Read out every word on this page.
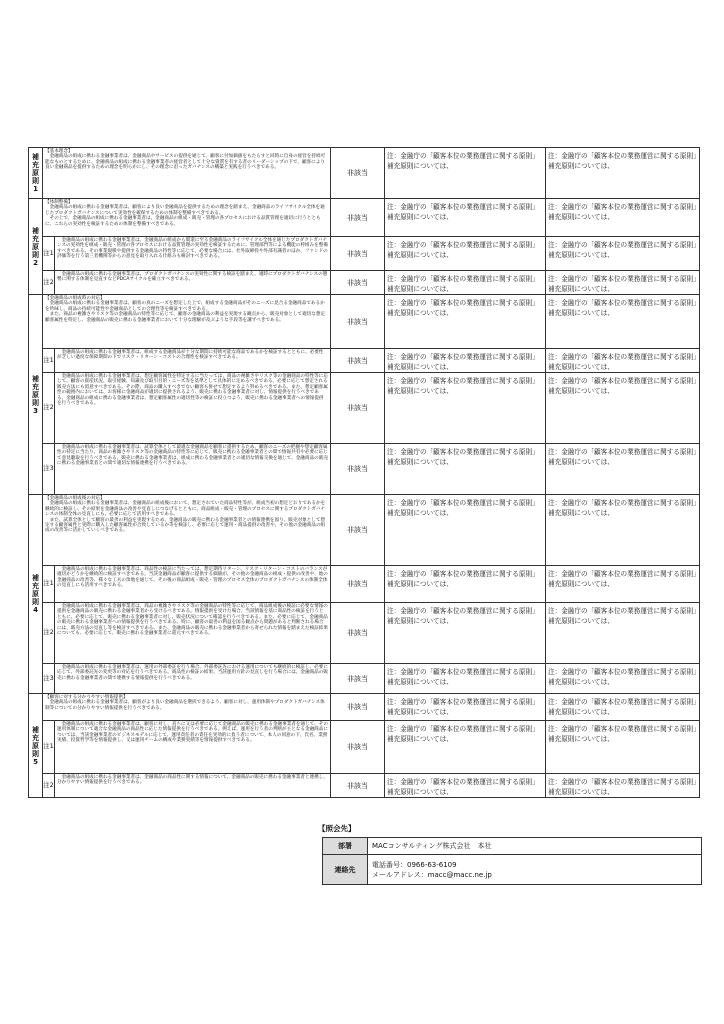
補充原則1	【基本理念】
　金融商品の組成に携わる金融事業者は、金融商品やサービスの提供を通じて、顧客に付加価値をもたらすと同時に自身の経営を持続可能なものとするために、金融商品の組成に携わる金融事業者の経営者として十分な資質を有する者のリーダーシップの下で、顧客により良い金融商品を提供するための理念を明らかにし、その理念に沿ったガバナンスの構築と実践を行うべきである。		非該当	注：金融庁の「顧客本位の業務運営に関する原則」補充原則については、	注：金融庁の「顧客本位の業務運営に関する原則」補充原則については、

補充原則2	【体制整備】
　金融商品の組成に携わる金融事業者は、顧客により良い金融商品を提供するための理念を踏まえ、金融商品のライフサイクル全体を通じたプロダクトガバナンスについて実効性を確保するための体制を整備すべきである。
　その上で、金融商品の組成に携わる金融事業者は、金融商品の組成・販売・管理の各プロセスにおける品質管理を適切に行うとともに、これらの実効性を検証するための体制を整備すべきである。		非該当	注：金融庁の「顧客本位の業務運営に関する原則」補充原則については、	注：金融庁の「顧客本位の業務運営に関する原則」補充原則については、

	注1	　金融商品の組成に携わる金融事業者は、金融商品の組成から償還に至る金融商品のライフサイクル全体を通じたプロダクトガバナンスの実効性を組成・販売・管理の各プロセスにおける品質管理の実効性を検証するために、管理部門等による機能の枠組みを整備すべきである。その事業規模や提供する金融商品の特性等に応じて、必要な場合には、社外取締役や外部有識者のほか、ファンドの評価等を行う第三者機関等からの意見を取り入れる仕組みも検討すべきである。	非該当	注：金融庁の「顧客本位の業務運営に関する原則」補充原則については、	注：金融庁の「顧客本位の業務運営に関する原則」補充原則については、

	注2	　金融商品の組成に携わる金融事業者は、プロダクトガバナンスの実効性に関する検証を踏まえ、適時にプロダクトガバナンスの態勢に関する体制を見直すなどPDCAサイクルを確立すべきである。	非該当	注：金融庁の「顧客本位の業務運営に関する原則」補充原則については、	注：金融庁の「顧客本位の業務運営に関する原則」補充原則については、

補充原則3	【金融商品の組成時の対応】
　金融商品の組成に携わる金融事業者は、顧客の真のニーズを想定した上で、組成する金融商品がそのニーズに見合る金融商品であるかを吟味し、商品の持続可能性や金融商品としての合理性等を検証すべきである。
　また、商品の複雑さやリスク等の金融商品の特性等に応じて、顧客の金融商品の利益を実現する観点から、販売対象として適切な想定顧客属性を特定し、金融商品の販売に携わる金融事業者において十分な理解が及ぶような手段等を講ずべきである。		非該当	注：金融庁の「顧客本位の業務運営に関する原則」補充原則については、	注：金融庁の「顧客本位の業務運営に関する原則」補充原則については、

	注1	　金融商品の組成に携わる金融事業者は、組成する金融商品が十分な期間に持続可能な商品であるかを検証するとともに、必要性が乏しい過度な保障期間の下でリスク・リターン・コストの合理性を検証すべきである。	非該当	注：金融庁の「顧客本位の業務運営に関する原則」補充原則については、	注：金融庁の「顧客本位の業務運営に関する原則」補充原則については、

	注2	　金融商品の組成に携わる金融事業者は、想定顧客属性を特定するに当たっては、商品の複雑さやリスク等の金融商品の特性等に応じて、顧客の資産状況、取引経験、知識及び取引目的・ニーズ等を基準として具体的に定めるべきである。必要に応じて想定される販売方法にも留意すべきである。その際、商品の購入すべきでない顧客も併せて想定するよう努めるべきである。また、想定顧客属性の範囲内においては、お客様に金融商品が適切に提供されるよう、販売に携わる金融事業者に対し、情報提供を行うべきである。金融商品の組成に携わる金融事業者は、想定顧客属性の適切性等の検証に役立つよう、販売に携わる金融事業者への情報提供を行うべきである。	非該当	注：金融庁の「顧客本位の業務運営に関する原則」補充原則については、	注：金融庁の「顧客本位の業務運営に関する原則」補充原則については、

	注3	　金融商品の組成に携わる金融事業者は、試算全体として最適な金融商品を顧客に提供するため、顧客のニーズの把握や想定顧客属性の特定に当たり、商品の複雑さやリスク等の金融商品の特性等に応じて、販売に携わる金融事業者との間で情報共有や必要に応じて意見聴取を行うべきである。販売に携わる金融事業者は、組成に携わる金融事業者との適切な情報交換を通じて、金融商品の販売に携わる金融事業者との間で適切な情報連携を行うべきである。	非該当	注：金融庁の「顧客本位の業務運営に関する原則」補充原則については、	注：金融庁の「顧客本位の業務運営に関する原則」補充原則については、

補充原則4	【金融商品の組成後の対応】
　金融商品の組成に携わる金融事業者は、金融商品の組成後において、想定されていた商品特性等が、組成当初の想定どおりであるかを継続的に検証し、その結果を金融商品の改善や見直しにつなげるとともに、商品組成・販売・管理のプロセスに関するプロダクトガバナンスの体制全体の見直しにも、必要に応じて活用すべきである。
　また、試算全体として顧客の最善の利益を実現するため、金融商品の販売に携わる金融事業者との情報連携を図り、販売対象として想定する顧客属性と実際に購入した顧客属性が合致しているか等を検証し、必要に応じて運用・商品提供の改善や、その他の金融商品の組成の改善等に活かしていくべきである。		非該当	注：金融庁の「顧客本位の業務運営に関する原則」補充原則については、	注：金融庁の「顧客本位の業務運営に関する原則」補充原則については、

	注1	　金融商品の組成に携わる金融事業者は、商品性の検証に当たっては、想定期待リターン、リスク・リターン・コストのバランスが適切かどうかを継続的に検証すべきである。当該金融商品が顧客に提供する価値が、その他の金融商品の組成・提供の改善や、他の金融商品の改善等、様々な工夫の余地を通じて、その後の商品組成・販売・管理のプロセス全体のプロダクトガバナンスの体制全体の見直しにも活用すべきである。	非該当	注：金融庁の「顧客本位の業務運営に関する原則」補充原則については、	注：金融庁の「顧客本位の業務運営に関する原則」補充原則については、

	注2	　金融商品の組成に携わる金融事業者は、商品の複雑さやリスク等の金融商品の特性等に応じて、商品組成後の検証に必要な情報の提供を金融商品の販売に携わる金融事業者から受けるべきである。情報提供を受けた場合、当該情報を基に商品性の検証を行うとともに、必要に応じて、販売に携わる金融事業者に対し、販売状況について確認を行うべきである。また、必要に応じて、金融商品の販売に携わる金融事業者への情報提供を行うべきである。特に、顧客の最善の利益を図る観点から問題があると判断される場合には、販売方法の見直し等を検討すべきである。また、金融商品の販売に携わる金融事業者から寄せられた情報を踏まえた検証結果についても、必要に応じて、販売に携わる金融事業者に還元すべきである。	非該当	注：金融庁の「顧客本位の業務運営に関する原則」補充原則については、	注：金融庁の「顧客本位の業務運営に関する原則」補充原則については、

	注3	　金融商品の組成に携わる金融事業者は、運用の外部委託を行う場合、外部委託先における運用についても継続的に検証し、必要に応じて、外部委託先の変更等の対応を行うべきである。商品性の検証の結果、当該運用方針の見直しを行う場合には、金融商品の販売に携わる金融事業者の間で連携する情報提供を行うべきである。	非該当	注：金融庁の「顧客本位の業務運営に関する原則」補充原則については、	注：金融庁の「顧客本位の業務運営に関する原則」補充原則については、

補充原則5	【顧客に対する分かりやすい情報提供】
　金融商品の組成に携わる金融事業者は、顧客がより良い金融商品を選択できるよう、顧客に対し、運用体制やプロダクトガバナンス体制等についての分かりやすい情報提供を行うべきである。		非該当	注：金融庁の「顧客本位の業務運営に関する原則」補充原則については、	注：金融庁の「顧客本位の業務運営に関する原則」補充原則については、

	注1	　金融商品の組成に携わる金融事業者は、顧客に対し、直ちに又は必要に応じて金融商品の販売に携わる金融事業者を通じて、その運用体制について適合な金融商品の商品性に応じた情報提供を行うべきである。例えば、運用を行う者の判断が主となる金融商品については、当該金融事業者のビジネスモデルに応じて、運用責任者の責任を実効的に負う者について、本人の同意の下、氏名、業務実績、投資哲学等を情報提供し、又は運用チームの構成や業務実績等を情報提供すべきである。	非該当	注：金融庁の「顧客本位の業務運営に関する原則」補充原則については、	注：金融庁の「顧客本位の業務運営に関する原則」補充原則については、

	注2	　金融商品の組成に携わる金融事業者は、金融商品の商品性に関する情報について、金融商品の販売に携わる金融事業者と連携し、分かりやすい情報提供を行うべきである。	非該当	注：金融庁の「顧客本位の業務運営に関する原則」補充原則については、	注：金融庁の「顧客本位の業務運営に関する原則」補充原則については、
【照会先】
部署	MACコンサルティング株式会社　本社
連絡先	電話番号：0966-63-6109
メールアドレス：macc@macc.ne.jp
